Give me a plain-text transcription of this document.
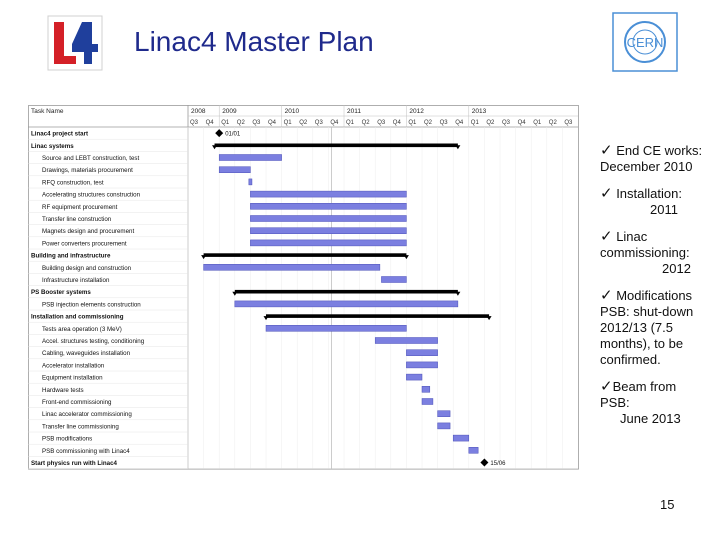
Linac4 Master Plan	CERN
Task Name	2008	2009	2010	2011	2012	2013
Q3 Q4 Q1 Q2 Q3 Q4 Q1 Q2 Q3 Q4 Q1 Q2 Q3 Q4 Q1 Q2 Q3 Q4 Q1 Q2 Q3 Q4 Q1 Q2 Q3
Linac4 project start	01/01
Linac systems
Source and LEBT construction, test
Drawings, materials procurement
RFQ construction, test
Accelerating structures construction
RF equipment procurement
Transfer line construction
Magnets design and procurement
Power converters procurement
Building and infrastructure
Building design and construction
Infrastructure installation
PS Booster systems
PSB injection elements construction
Installation and commissioning
Tests area operation (3 MeV)
Accel. structures testing, conditioning
Cabling, waveguides installation
Accelerator installation
Equipment installation
Hardware tests
Front-end commissioning
Linac accelerator commissioning
Transfer line commissioning
PSB modifications
PSB commissioning with Linac4
Start physics run with Linac4	15/06
✓ End CE works:
December 2010
✓ Installation:
2011
✓ Linac
commissioning:
2012
✓ Modifications
PSB: shut-down
2012/13 (7.5
months), to be
confirmed.
✓Beam from
PSB:
June 2013
15
